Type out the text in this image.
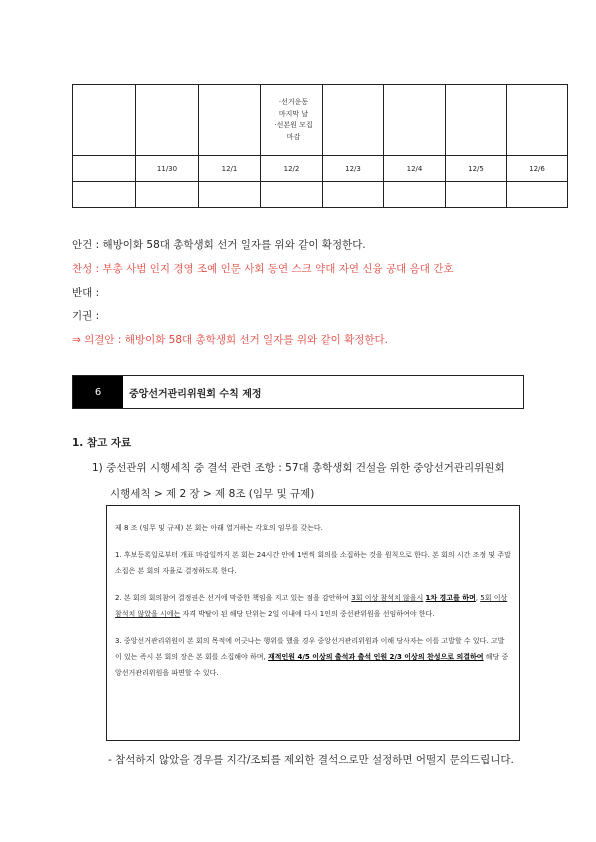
			·선거운동
마지막 날
·선본원 모집
마감				

	11/30	12/1	12/2	12/3	12/4	12/5	12/6

안건 : 해방이화 58대 총학생회 선거 일자를 위와 같이 확정한다.
찬성 : 부총 사범 인지 경영 조예 인문 사회 동연 스크 약대 자연 신융 공대 음대 간호
반대 :
기권 :
⇒ 의결안 : 해방이화 58대 총학생회 선거 일자를 위와 같이 확정한다.
6	중앙선거관리위원회 수칙 제정
1. 참고 자료
1) 중선관위 시행세칙 중 결석 관련 조항 : 57대 총학생회 건설을 위한 중앙선거관리위원회
시행세칙 > 제 2 장 > 제 8조 (임무 및 규제)

제 8 조 (임무 및 규제) 본 회는 아래 열거하는 각호의 임무를 갖는다.

1. 후보등록일로부터 개표 마감일까지 본 회는 24시간 안에 1번씩 회의를 소집하는 것을 원칙으로 한다. 본 회의 시간 조정 및 주말 소집은 본 회의 자율로 결정하도록 한다.

2. 본 회의 회의참여 결정권은 선거에 막중한 책임을 지고 있는 점을 감안하여 3회 이상 참석치 않을시 1차 경고를 하며, 5회 이상 참석치 않았을 시에는 자격 박탈이 된 해당 단위는 2일 이내에 다시 1인의 중선관위원을 선임하여야 한다.

3. 중앙선거관리위원이 본 회의 목적에 어긋나는 행위를 했을 경우 중앙선거관리위원과 이해 당사자는 이를 고발할 수 있다. 고발이 있는 즉시 본 회의 장은 본 회를 소집해야 하며, 재적인원 4/5 이상의 출석과 출석 인원 2/3 이상의 찬성으로 의결하여 해당 중앙선거관리위원을 파면할 수 있다.

- 참석하지 않았을 경우를 지각/조퇴를 제외한 결석으로만 설정하면 어떨지 문의드립니다.
